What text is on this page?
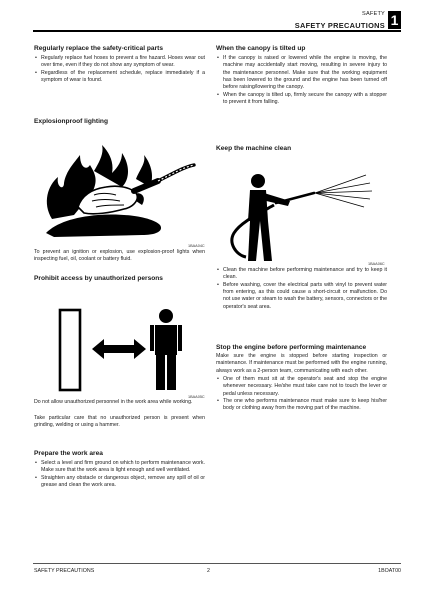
SAFETY
SAFETY PRECAUTIONS 1
Regularly replace the safety-critical parts
• Regularly replace fuel hoses to prevent a fire hazard. Hoses wear out over time, even if they do not show any symptom of wear.
• Regardless of the replacement schedule, replace immediately if a symptom of wear is found.
Explosionproof lighting
1BAA04C

To prevent an ignition or explosion, use explosion-proof lights when inspecting fuel, oil, coolant or battery fluid.

Prohibit access by unauthorized persons
1BAA05C

Do not allow unauthorized personnel in the work area while working.

Take particular care that no unauthorized person is present when grinding, welding or using a hammer.

Prepare the work area
• Select a level and firm ground on which to perform maintenance work. Make sure that the work area is light enough and well ventilated.
• Straighten any obstacle or dangerous object, remove any spill of oil or grease and clean the work area.
When the canopy is tilted up
• If the canopy is raised or lowered while the engine is moving, the machine may accidentally start moving, resulting in severe injury to the maintenance personnel. Make sure that the working equipment has been lowered to the ground and the engine has been turned off before raising/lowering the canopy.
• When the canopy is tilted up, firmly secure the canopy with a stopper to prevent it from falling.
Keep the machine clean
1BAA06C
• Clean the machine before performing maintenance and try to keep it clean.
• Before washing, cover the electrical parts with vinyl to prevent water from entering, as this could cause a short-circuit or malfunction. Do not use water or steam to wash the battery, sensors, connectors or the operator's seat area.
Stop the engine before performing maintenance

Make sure the engine is stopped before starting inspection or maintenance. If maintenance must be performed with the engine running, always work as a 2-person team, communicating with each other.

• One of them must sit at the operator's seat and stop the engine whenever necessary. He/she must take care not to touch the lever or pedal unless necessary.
• The one who performs maintenance must make sure to keep his/her body or clothing away from the moving part of the machine.
SAFETY PRECAUTIONS	2	1BOAT00
